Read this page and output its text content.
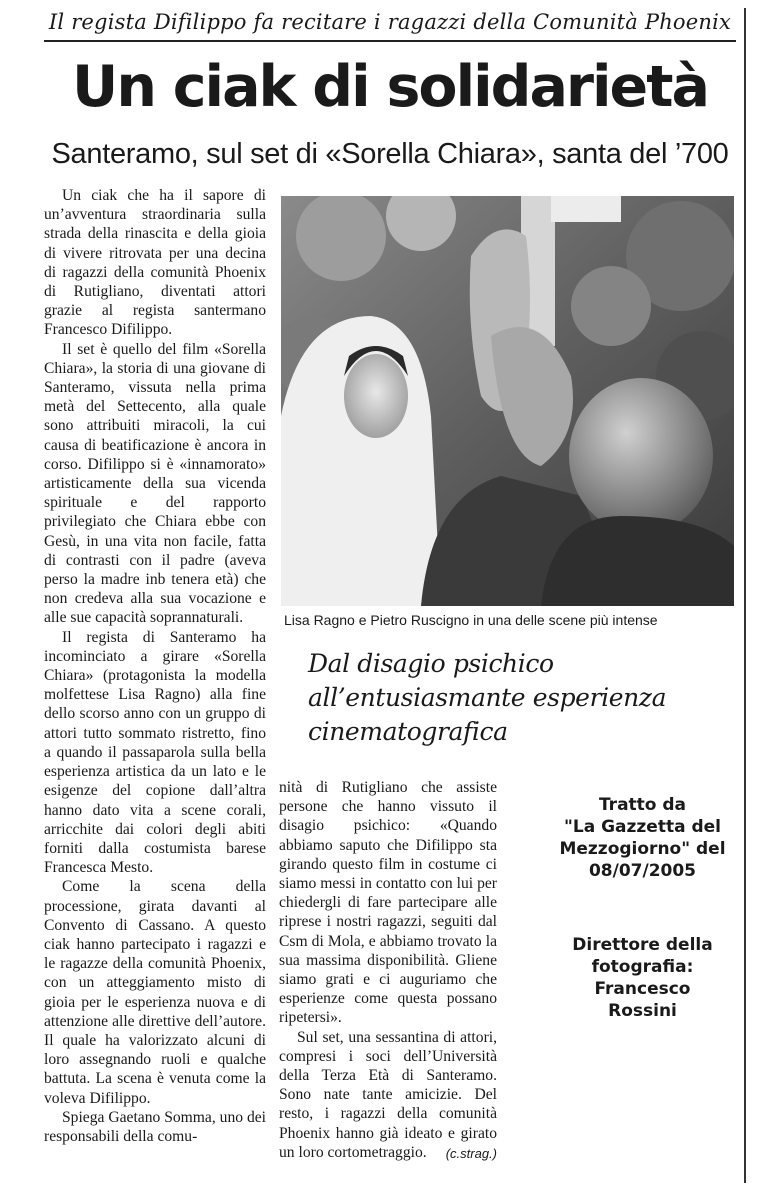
Il regista Difilippo fa recitare i ragazzi della Comunità Phoenix
Un ciak di solidarietà
Santeramo, sul set di «Sorella Chiara», santa del ’700

Un ciak che ha il sapore di un’avventura straordinaria sulla strada della rinascita e della gioia di vivere ritrovata per una decina di ragazzi della comunità Phoenix di Rutigliano, diventati attori grazie al regista santermano Francesco Difilippo.

Il set è quello del film «Sorella Chiara», la storia di una giovane di Santeramo, vissuta nella prima metà del Settecento, alla quale sono attribuiti miracoli, la cui causa di beatificazione è ancora in corso. Difilippo si è «innamorato» artisticamente della sua vicenda spirituale e del rapporto privilegiato che Chiara ebbe con Gesù, in una vita non facile, fatta di contrasti con il padre (aveva perso la madre inb tenera età) che non credeva alla sua vocazione e alle sue capacità soprannaturali.

Il regista di Santeramo ha incominciato a girare «Sorella Chiara» (protagonista la modella molfettese Lisa Ragno) alla fine dello scorso anno con un gruppo di attori tutto sommato ristretto, fino a quando il passaparola sulla bella esperienza artistica da un lato e le esigenze del copione dall’altra hanno dato vita a scene corali, arricchite dai colori degli abiti forniti dalla costumista barese Francesca Mesto.

Come la scena della processione, girata davanti al Convento di Cassano. A questo ciak hanno partecipato i ragazzi e le ragazze della comunità Phoenix, con un atteggiamento misto di gioia per le esperienza nuova e di attenzione alle direttive dell’autore. Il quale ha valorizzato alcuni di loro assegnando ruoli e qualche battuta. La scena è venuta come la voleva Difilippo.

Spiega Gaetano Somma, uno dei responsabili della comu-

Lisa Ragno e Pietro Ruscigno in una delle scene più intense
Dal disagio psichico all’entusiasmante esperienza cinematografica

nità di Rutigliano che assiste persone che hanno vissuto il disagio psichico: «Quando abbiamo saputo che Difilippo sta girando questo film in costume ci siamo messi in contatto con lui per chiedergli di fare partecipare alle riprese i nostri ragazzi, seguiti dal Csm di Mola, e abbiamo trovato la sua massima disponibilità. Gliene siamo grati e ci auguriamo che esperienze come questa possano ripetersi».

Sul set, una sessantina di attori, compresi i soci dell’Università della Terza Età di Santeramo. Sono nate tante amicizie. Del resto, i ragazzi della comunità Phoenix hanno già ideato e girato un loro cortometraggio.	(c.strag.)
Tratto da
"La Gazzetta del
Mezzogiorno" del
08/07/2005
Direttore della
fotografia:
Francesco
Rossini
